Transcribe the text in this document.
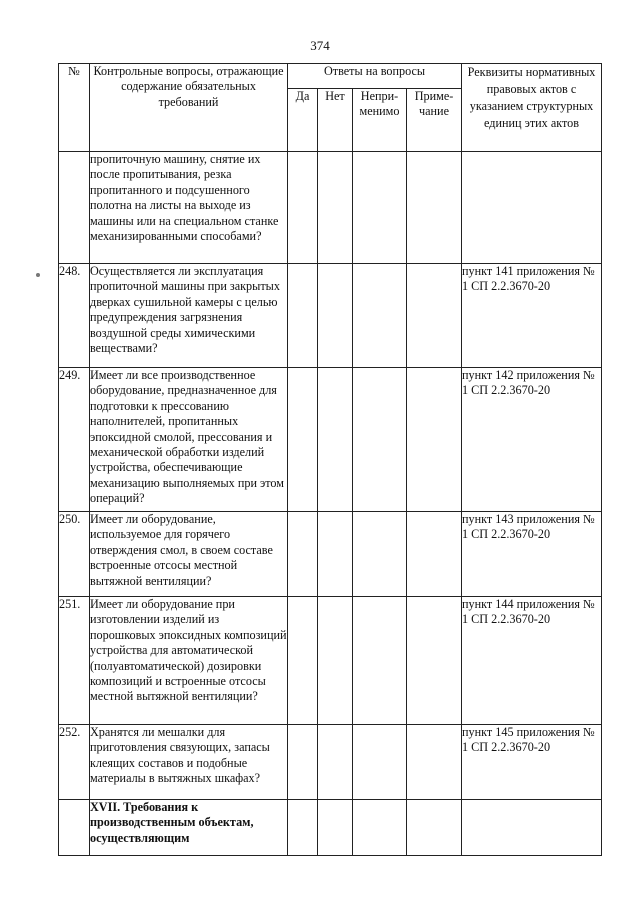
374
№	Контрольные вопросы, отражающие содержание обязательных требований	Ответы на вопросы				Реквизиты нормативных правовых актов с указанием структурных единиц этих актов
		Да	Нет	Непри-менимо	Приме-чание	
	пропиточную машину, снятие их после пропитывания, резка пропитанного и подсушенного полотна на листы на выходе из машины или на специальном станке механизированными способами?					
248.	Осуществляется ли эксплуатация пропиточной машины при закрытых дверках сушильной камеры с целью предупреждения загрязнения воздушной среды химическими веществами?					пункт 141 приложения № 1 СП 2.2.3670-20
249.	Имеет ли все производственное оборудование, предназначенное для подготовки к прессованию наполнителей, пропитанных эпоксидной смолой, прессования и механической обработки изделий устройства, обеспечивающие механизацию выполняемых при этом операций?					пункт 142 приложения № 1 СП 2.2.3670-20
250.	Имеет ли оборудование, используемое для горячего отверждения смол, в своем составе встроенные отсосы местной вытяжной вентиляции?					пункт 143 приложения № 1 СП 2.2.3670-20
251.	Имеет ли оборудование при изготовлении изделий из порошковых эпоксидных композиций устройства для автоматической (полуавтоматической) дозировки композиций и встроенные отсосы местной вытяжной вентиляции?					пункт 144 приложения № 1 СП 2.2.3670-20
252.	Хранятся ли мешалки для приготовления связующих, запасы клеящих составов и подобные материалы в вытяжных шкафах?					пункт 145 приложения № 1 СП 2.2.3670-20
	XVII. Требования к производственным объектам, осуществляющим					
